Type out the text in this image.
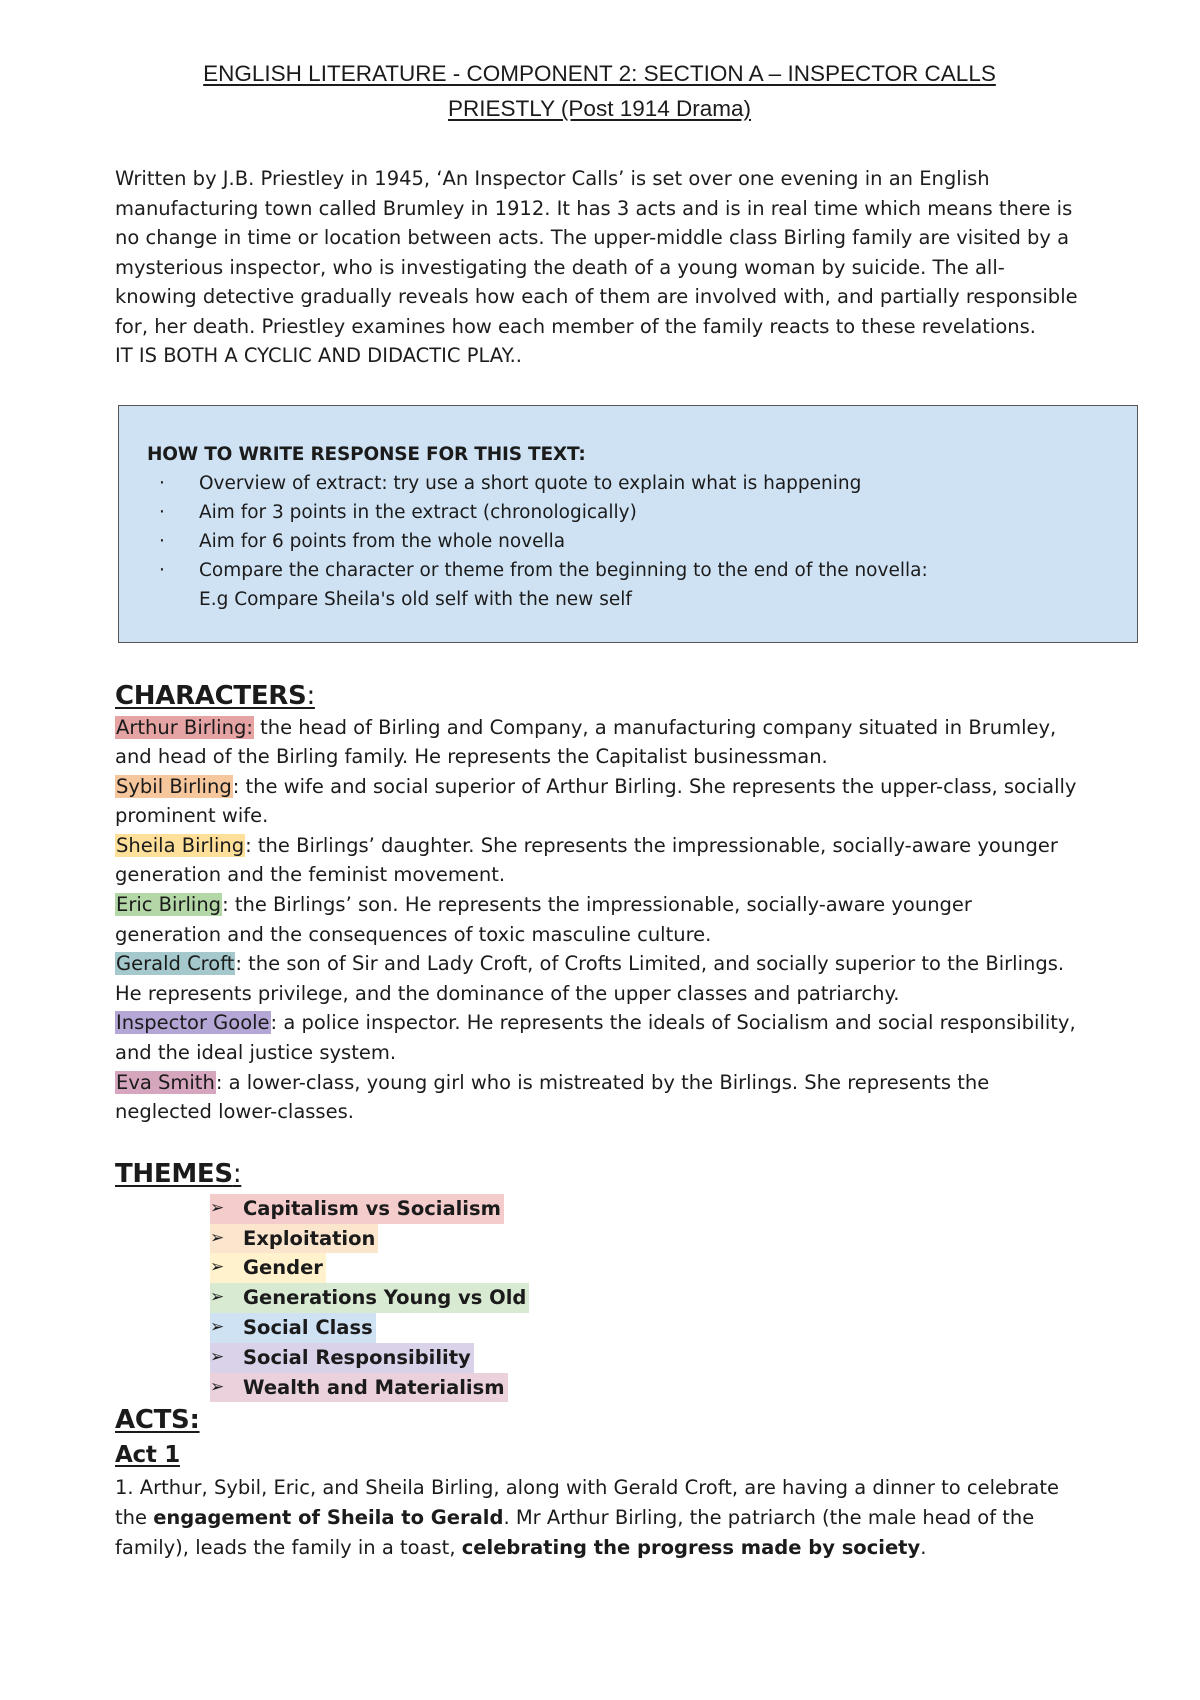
ENGLISH LITERATURE - COMPONENT 2: SECTION A – INSPECTOR CALLS
PRIESTLY (Post 1914 Drama)

Written by J.B. Priestley in 1945, ‘An Inspector Calls’ is set over one evening in an English manufacturing town called Brumley in 1912. It has 3 acts and is in real time which means there is no change in time or location between acts. The upper-middle class Birling family are visited by a mysterious inspector, who is investigating the death of a young woman by suicide. The all-knowing detective gradually reveals how each of them are involved with, and partially responsible for, her death. Priestley examines how each member of the family reacts to these revelations.

IT IS BOTH A CYCLIC AND DIDACTIC PLAY..

HOW TO WRITE RESPONSE FOR THIS TEXT:
· Overview of extract: try use a short quote to explain what is happening
· Aim for 3 points in the extract (chronologically)
· Aim for 6 points from the whole novella
· Compare the character or theme from the beginning to the end of the novella:
E.g Compare Sheila's old self with the new self
CHARACTERS:

Arthur Birling: the head of Birling and Company, a manufacturing company situated in Brumley, and head of the Birling family. He represents the Capitalist businessman.

Sybil Birling: the wife and social superior of Arthur Birling. She represents the upper-class, socially prominent wife.

Sheila Birling: the Birlings’ daughter. She represents the impressionable, socially-aware younger generation and the feminist movement.

Eric Birling: the Birlings’ son. He represents the impressionable, socially-aware younger generation and the consequences of toxic masculine culture.

Gerald Croft: the son of Sir and Lady Croft, of Crofts Limited, and socially superior to the Birlings. He represents privilege, and the dominance of the upper classes and patriarchy.

Inspector Goole: a police inspector. He represents the ideals of Socialism and social responsibility, and the ideal justice system.

Eva Smith: a lower-class, young girl who is mistreated by the Birlings. She represents the neglected lower-classes.

THEMES:
➢ Capitalism vs Socialism
➢ Exploitation
➢ Gender
➢ Generations Young vs Old
➢ Social Class
➢ Social Responsibility
➢ Wealth and Materialism
ACTS:
Act 1

1. Arthur, Sybil, Eric, and Sheila Birling, along with Gerald Croft, are having a dinner to celebrate the engagement of Sheila to Gerald. Mr Arthur Birling, the patriarch (the male head of the family), leads the family in a toast, celebrating the progress made by society.
